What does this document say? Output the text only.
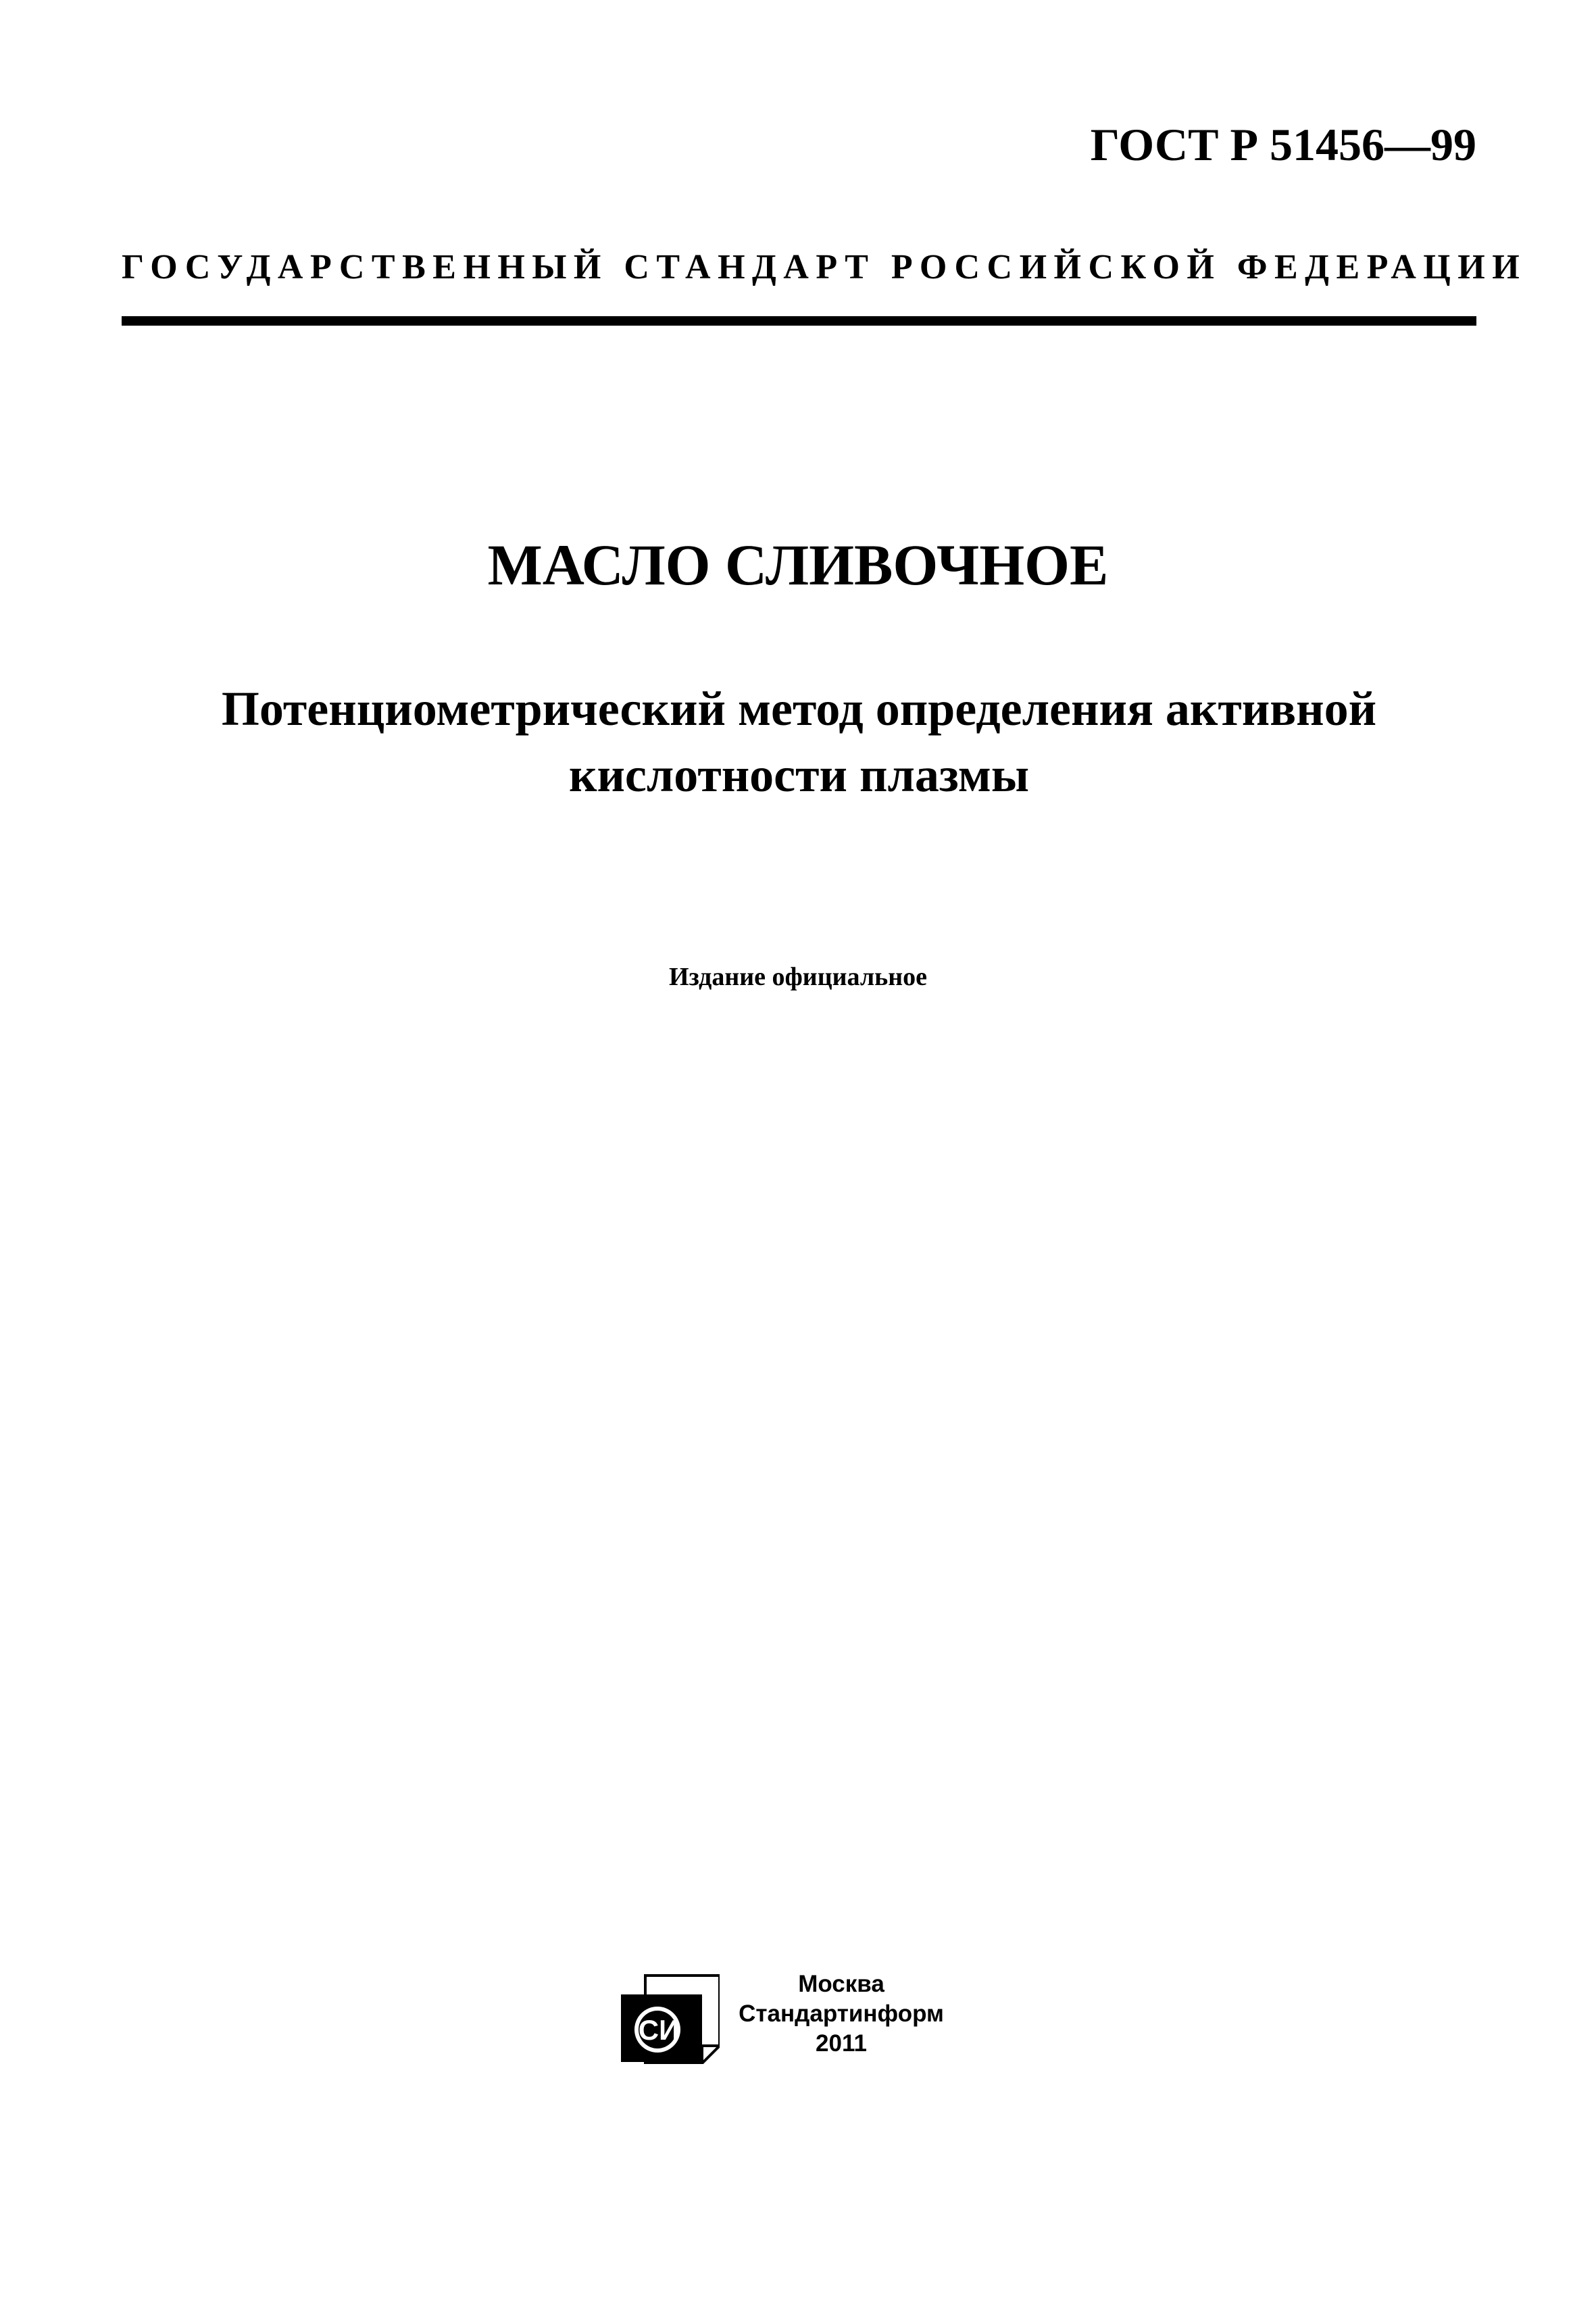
ГОСТ Р 51456—99
ГОСУДАРСТВЕННЫЙ СТАНДАРТ РОССИЙСКОЙ ФЕДЕРАЦИИ
МАСЛО СЛИВОЧНОЕ
Потенциометрический метод определения активной
кислотности плазмы
Издание официальное
СИ
Москва
Стандартинформ
2011
